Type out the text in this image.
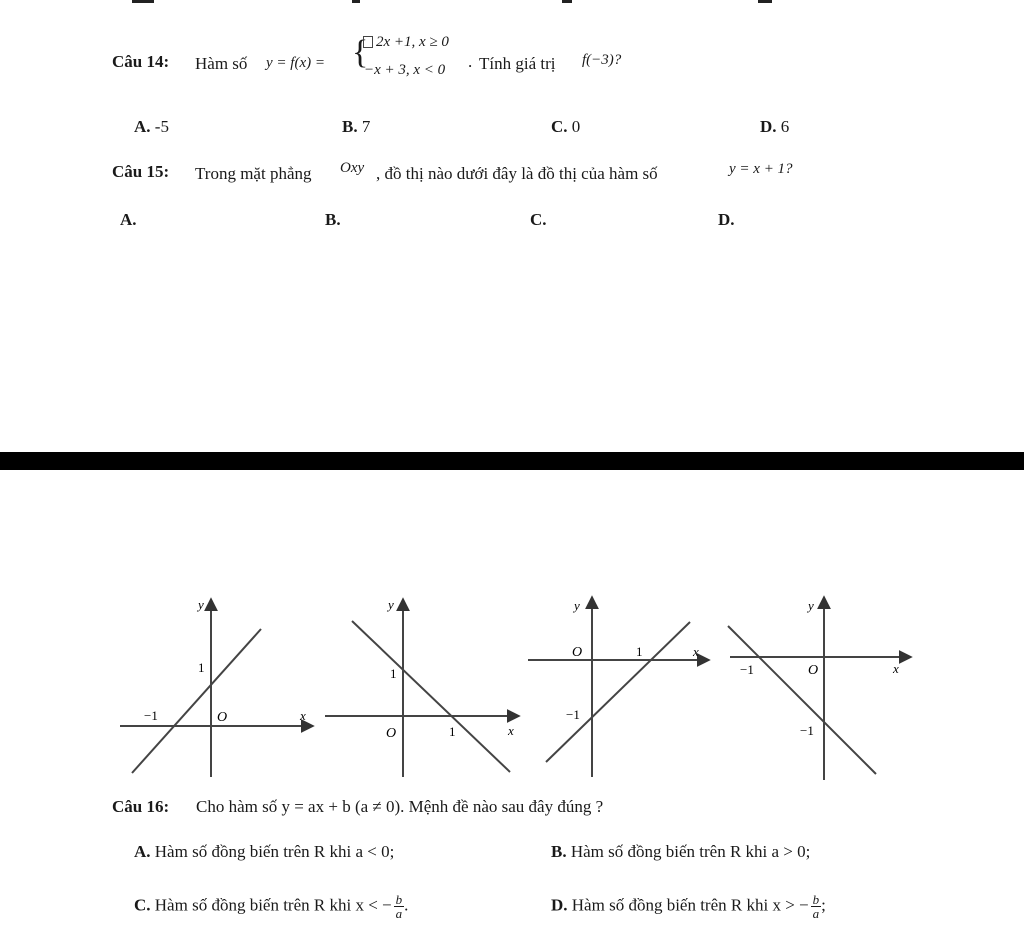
Câu 14: Hàm số y = f(x) = { 2x +1, x ≥ 0
−x + 3, x < 0 . Tính giá trị f(−3)?
A. -5	B. 7	C. 0	D. 6
Câu 15: Trong mặt phẳng Oxy , đồ thị nào dưới đây là đồ thị của hàm số	y = x + 1?
A.	B.	C.	D.
y
x
O
1
−1
y
x
O
1
1
y
x
O	1
−1
y
x
O
−1
−1
Câu 16: Cho hàm số y = ax + b (a ≠ 0). Mệnh đề nào sau đây đúng ?
A. Hàm số đồng biến trên R khi a < 0;	B. Hàm số đồng biến trên R khi a > 0;
C. Hàm số đồng biến trên R khi x < − $\frac{b}{a}$ .	D. Hàm số đồng biến trên R khi x > − $\frac{b}{a}$ ;
